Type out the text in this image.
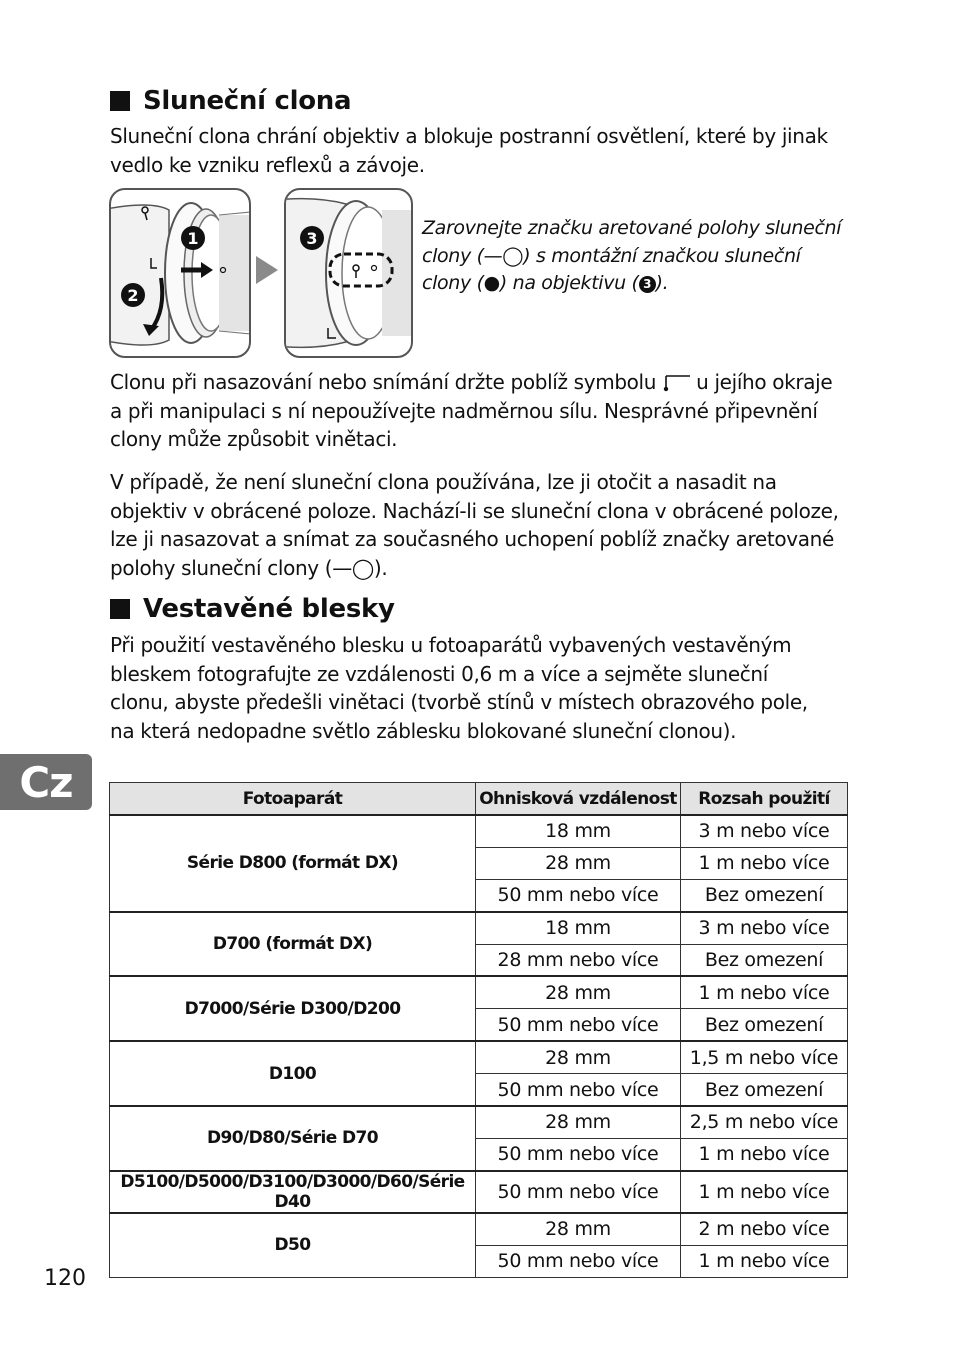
Sluneční clona

Sluneční clona chrání objektiv a blokuje postranní osvětlení, které by jinak vedlo ke vzniku reflexů a závoje.

1
2
3	Zarovnejte značku aretované polohy sluneční clony (—◯) s montážní značkou sluneční clony (●) na objektivu ( 3 ).

Clonu při nasazování nebo snímání držte poblíž symbolu  u jejího okraje a při manipulaci s ní nepoužívejte nadměrnou sílu. Nesprávné připevnění clony může způsobit vinětaci.

V případě, že není sluneční clona používána, lze ji otočit a nasadit na objektiv v obrácené poloze. Nachází-li se sluneční clona v obrácené poloze, lze ji nasazovat a snímat za současného uchopení poblíž značky aretované polohy sluneční clony (—◯).

Vestavěné blesky

Při použití vestavěného blesku u fotoaparátů vybavených vestavěným bleskem fotografujte ze vzdálenosti 0,6 m a více a sejměte sluneční clonu, abyste předešli vinětaci (tvorbě stínů v místech obrazového pole, na která nedopadne světlo záblesku blokované sluneční clonou).

Cz	Fotoaparát	Ohnisková vzdálenost	Rozsah použití
Série D800 (formát DX)	18 mm	3 m nebo více
	28 mm	1 m nebo více
	50 mm nebo více	Bez omezení
D700 (formát DX)	18 mm	3 m nebo více
	28 mm nebo více	Bez omezení
D7000/Série D300/D200	28 mm	1 m nebo více
	50 mm nebo více	Bez omezení
D100	28 mm	1,5 m nebo více
	50 mm nebo více	Bez omezení
D90/D80/Série D70	28 mm	2,5 m nebo více
	50 mm nebo více	1 m nebo více
D5100/D5000/D3100/D3000/D60/Série D40	50 mm nebo více	1 m nebo více
D50	28 mm	2 m nebo více
	50 mm nebo více	1 m nebo více

120
